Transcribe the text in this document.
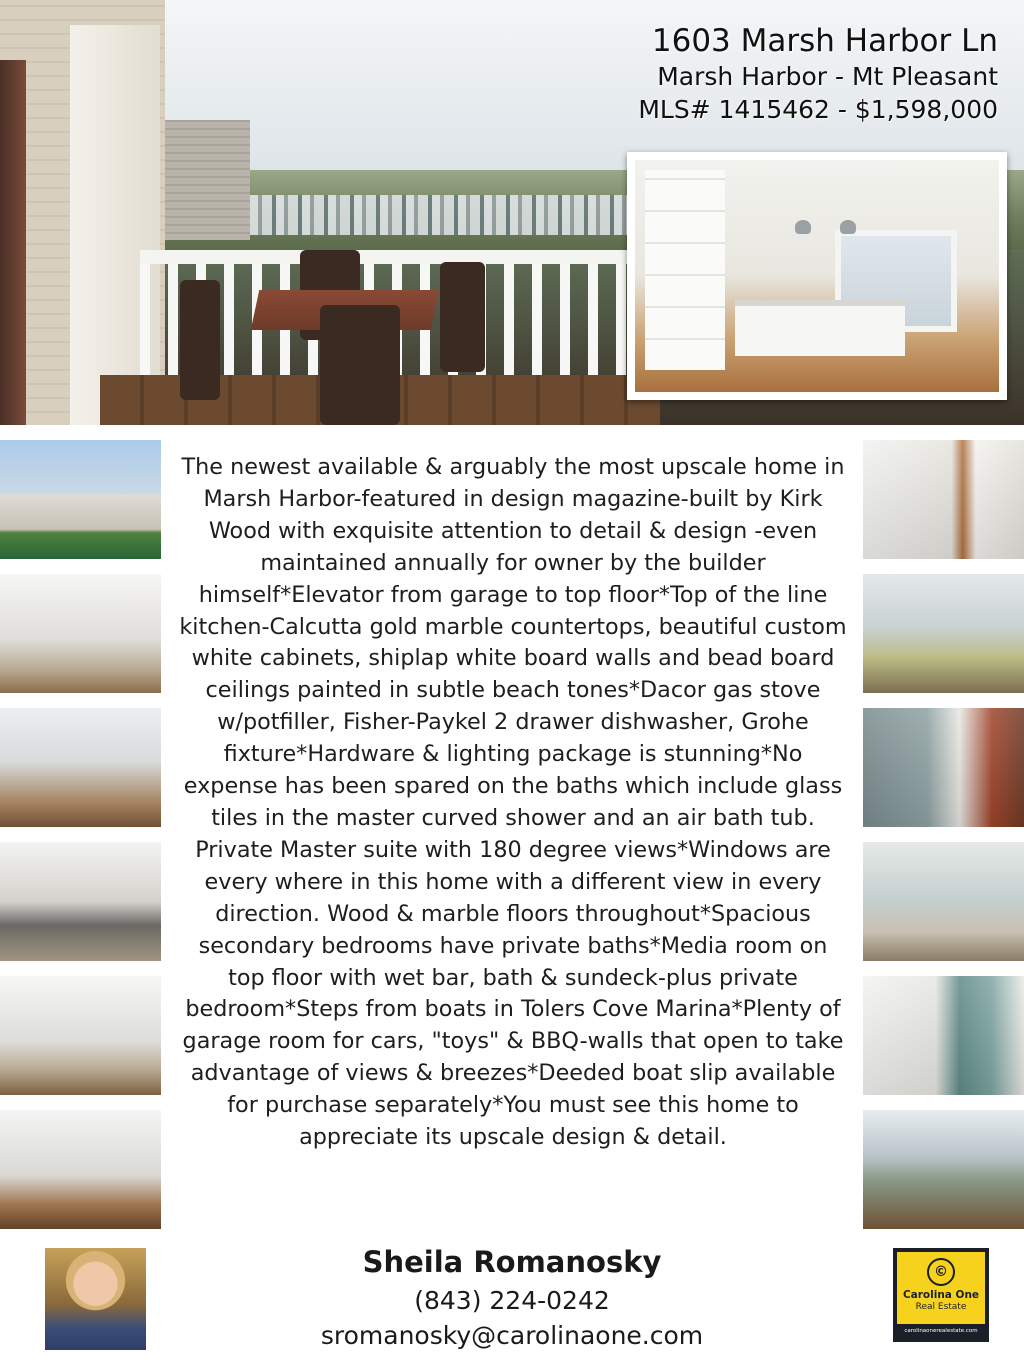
1603 Marsh Harbor Ln
Marsh Harbor - Mt Pleasant
MLS# 1415462 - $1,598,000

The newest available & arguably the most upscale home in Marsh Harbor-featured in design magazine-built by Kirk Wood with exquisite attention to detail & design -even maintained annually for owner by the builder himself*Elevator from garage to top floor*Top of the line kitchen-Calcutta gold marble countertops, beautiful custom white cabinets, shiplap white board walls and bead board ceilings painted in subtle beach tones*Dacor gas stove w/potfiller, Fisher-Paykel 2 drawer dishwasher, Grohe fixture*Hardware & lighting package is stunning*No expense has been spared on the baths which include glass tiles in the master curved shower and an air bath tub. Private Master suite with 180 degree views*Windows are every where in this home with a different view in every direction. Wood & marble floors throughout*Spacious secondary bedrooms have private baths*Media room on top floor with wet bar, bath & sundeck-plus private bedroom*Steps from boats in Tolers Cove Marina*Plenty of garage room for cars, "toys" & BBQ-walls that open to take advantage of views & breezes*Deeded boat slip available for purchase separately*You must see this home to appreciate its upscale design & detail.

Sheila Romanosky
(843) 224-0242
sromanosky@carolinaone.com
©
Carolina One
Real Estate
carolinaonerealestate.com
